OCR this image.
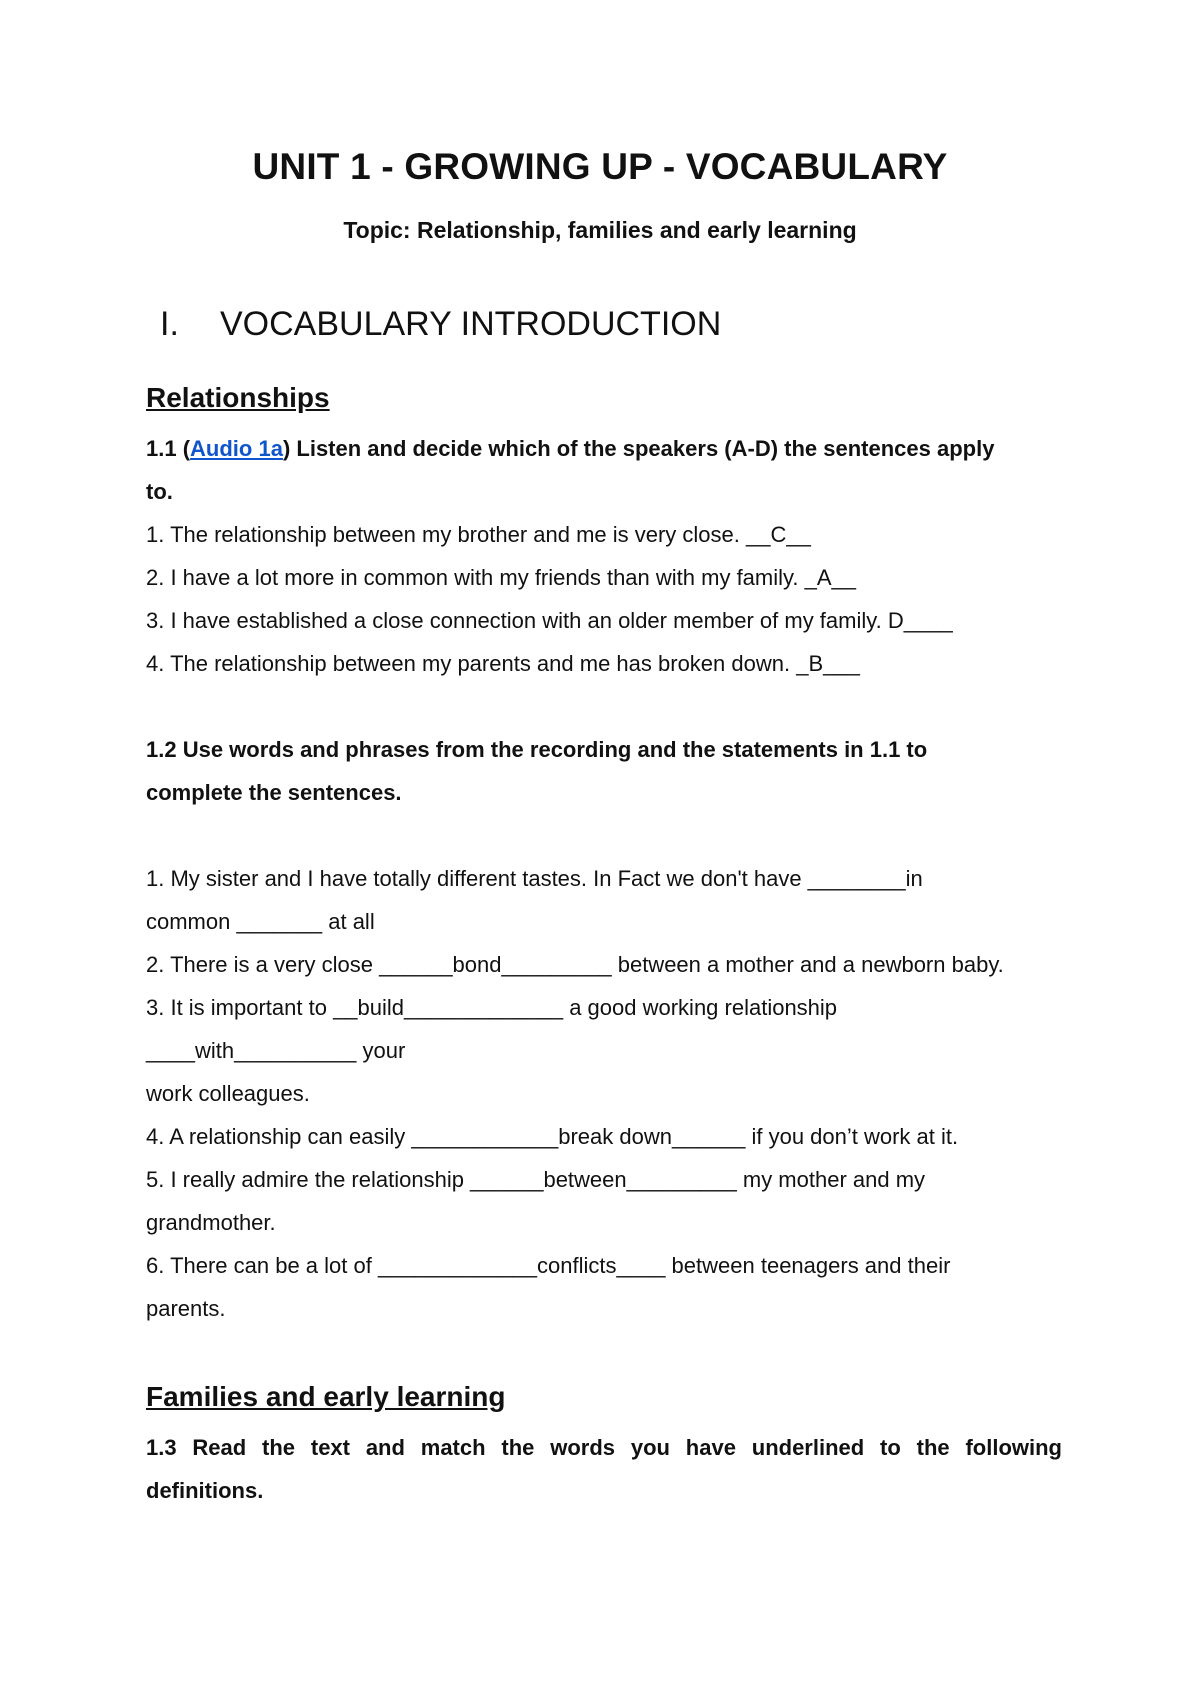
UNIT 1 - GROWING UP - VOCABULARY
Topic: Relationship, families and early learning
I. VOCABULARY INTRODUCTION
Relationships
1.1 (Audio 1a) Listen and decide which of the speakers (A-D) the sentences apply
to.
1. The relationship between my brother and me is very close. __C__
2. I have a lot more in common with my friends than with my family. _A__
3. I have established a close connection with an older member of my family. D____
4. The relationship between my parents and me has broken down. _B___
1.2 Use words and phrases from the recording and the statements in 1.1 to
complete the sentences.
1. My sister and I have totally different tastes. In Fact we don't have ________in
common _______ at all
2. There is a very close ______bond_________ between a mother and a newborn baby.
3. It is important to __build_____________ a good working relationship
____with__________ your
work colleagues.
4. A relationship can easily ____________break down______ if you don’t work at it.
5. I really admire the relationship ______between_________ my mother and my
grandmother.
6. There can be a lot of _____________conflicts____ between teenagers and their
parents.
Families and early learning
1.3 Read the text and match the words you have underlined to the following
definitions.
